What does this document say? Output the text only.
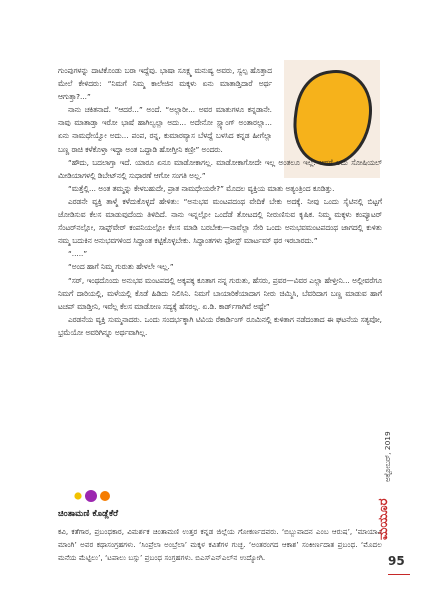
ಗುಂಪುಗಳನ್ನು ದಾಟಿಕೊಂಡು ಬರಾ ಇದ್ದೆವು. ಭಾಷಾ ಸೂಕ್ಷ್ಮ ಮನುಷ್ಯ ಅವರು, ಸ್ವಲ್ಪ ಹೊತ್ತಾದ ಮೇಲೆ ಕೇಳಿದರು: “ನಿಮಗೆ ನಿಮ್ಮ ಕಾಲೇಜಿನ ಮಕ್ಕಳು ಏನು ಮಾತಾಡ್ತಿದಾರೆ ಅರ್ಥ ಆಗುತ್ತಾ?...”

ನಾನು ಚಕಿತನಾದೆ. “ಆದರೆ...” ಅಂದೆ. “ಅಲ್ಲಾರೀ... ಅವರ ಮಾತುಗಳೂ ಕನ್ನಡಾನೇ. ನಾವು ಮಾತಾಡ್ತಾ ಇರೋ ಭಾಷೆ ಹಾಗಿಲ್ವಲ್ಲಾ ಅದು... ಅದೇನೋ ಸ್ಲ್ಯಾಂಗ್ ಅಂತಾರಲ್ಲಾ... ಏನು ನಾಮಧೇಯ್ವೋ ಅದು... ಪಂಪ, ರನ್ನ, ಕುಮಾರವ್ಯಾಸ ಬೆಳದ್ದೆ ಬಳಸಿದ ಕನ್ನಡ ಹೀಗೆಲ್ಲಾ ಬಣ್ಣ ರಾಚಿ ಕಳೆಕೊಳ್ತಾ ಇದ್ದಾ ಅಂತ ಒದ್ದಾಡಿ ಹೋಗ್ತೀನಿ ಕಣ್ರೀ” ಅಂದರು.

“ಹೌದು, ಬದಲಾಗ್ತಾ ಇದೆ. ಯಾರೂ ಏನೂ ಮಾಡೋಕಾಗಲ್ಲ. ಮಾಡೋಕಾಗೋದೇ ಇಲ್ಲ ಅಂತಲೂ ಇಲ್ಲ. ಆದರೆ ಅದು ಸೋಷಿಯಲ್ ಮೀಡಿಯಾಗಳಲ್ಲಿ ಡಿಬೇಟ್‌ನಲ್ಲಿ ಸುಧಾರಣೆ ಆಗೋ ಸಂಗತಿ ಅಲ್ಲ.”

“ಮತ್ತೆಲ್ಲಿ... ಅಂತ ತಮ್ಮನ್ನು ಕೇಳಬಹುದೇ, ಪ್ರಾತ ನಾಮಧೇಯರೇ?” ಮೊದಲ ವ್ಯಕ್ತಿಯ ಮಾತು ಅತ್ಯಂತ್ರಿಂದ ಕೂಡಿತ್ತು.

ಎರಡನೇ ವ್ಯಕ್ತಿ ತಾಳ್ಮೆ ಕಳೆದುಕೊಳ್ಳದೆ ಹೇಳಿತು: “ಅನುಭವ ಮಂಟಪದಂಥ ವೇದಿಕೆ ಬೇಕು ಅದಕ್ಕೆ. ನೀವು ಒಂದು ಸೈಟಿನಲ್ಲಿ ಬಿಟ್ಟಗೆ ಜೋಡಿಸುವ ಕೆಲಸ ಮಾಡುವುದೆಂದು ತಿಳಿದಿದೆ. ನಾನು ಇನ್ನಲ್ಲೋ ಒಂದೆಡೆ ತೋಟದಲ್ಲಿ ನೀರುಣಿಸುವ ಕೃಷಿಕ. ನಿಮ್ಮ ಮಕ್ಕಳು ಕಂಪ್ಯೂಟರ್ ಸೆಂಟರ್‌ನಲ್ಲೋ, ಸಾಫ್ಟ್‌ವೇರ್ ಕಂಪನಿಯಲ್ಲೋ ಕೆಲಸ ಮಾಡಿ ಬರಬೇಕು—ನಾವೆಲ್ಲಾ ಸೇರಿ ಒಂದು ಅನುಭವಮಂಟಪದಂಥ ಜಾಗದಲ್ಲಿ ಕುಳಿತು ನಮ್ಮ ಬದುಕಿನ ಅನುಭವಗಳಿಂದ ಸಿದ್ಧಾಂತ ಕಟ್ಟಿಕೊಳ್ಳಬೇಕು. ಸಿದ್ಧಾಂತಗಳು ಫೋಸ್ಟ್ ಮಾರ್ಟಮ್ ಥರ ಇರಬಾರದು.”

“.....”

“ಅಂದ ಹಾಗೆ ನಿಮ್ಮ ಗುರುತು ಹೇಳಲೇ ಇಲ್ಲ.”

“ಸರ್, ಇಂಥದೊಂದು ಅನುಭವ ಮಂಟಪದಲ್ಲಿ ಅಕ್ಕಪಕ್ಕ ಕೂತಾಗ ನನ್ನ ಗುರುತು, ಹೆಸರು, ಪ್ರವರ—ವಿವರ ಎಲ್ಲಾ ಹೇಳ್ತೀನಿ... ಅಲ್ಲೀವರೆಗೂ ನಿಮಗೆ ದಾರಿಯಲ್ಲಿ, ಮಳೆಯಲ್ಲಿ ಕೊಡೆ ಹಿಡಿದು ನಿಲಿಸಿನಿ. ನಿಮಗೆ ಬಾಯಾರಿಕೆಯಾದಾಗ ನೀರು ಚಿಮ್ಮಿಸಿ, ಬೆವರಿದಾಗ ಬಣ್ಣ ಮಾಡುವ ಹಾಗೆ ಟಚಪ್ ಮಾಡ್ತೀನಿ, ಇವೆಲ್ಲ ಕೆಲಸ ಮಾಡೋಣ ಸದ್ಯಕ್ಕೆ ಹೆಸರಲ್ಲ. ಏ.ಡಿ. ಕಾರ್ಡ್‌ಗಾಗಿವೆ ಅಷ್ಟೇ”

ಎರಡನೆಯ ವ್ಯಕ್ತಿ ಸುಮ್ಮನಾದರು. ಒಂದು ಸಂದರ್ಭಕ್ಕಾಗಿ ಟಿವಿಯ ರೆಕಾರ್ಡಿಂಗ್ ರೂಮಿನಲ್ಲಿ ಕುಳಿತಾಗ ನಡೆದಂತಾದ ಈ ಘಟನೆಯ ಸತ್ಯವೋ, ಭ್ರಮೆಯೋ ಅವರಿಗಿನ್ನೂ ಅರ್ಥವಾಗಿಲ್ಲ.

ಚಿಂತಾಮಣಿ ಕೊಡ್ಲೆಕೆರೆ
ಕವಿ, ಕತೆಗಾರ, ಪ್ರಬಂಧಕಾರ, ವಿಮರ್ಶಕ ಚಿಂತಾಮಣಿ ಉತ್ತರ ಕನ್ನಡ ಜಿಲ್ಲೆಯ ಗೋಕರ್ಣದವರು. ‘ಬಿಬ್ಬುವಾದನ ಎಂಬ ಆರುಷ’, ‘ಮಾಯಾವಿ ಮಾಂಗಿ’ ಅವರ ಕಥಾಸಂಗ್ರಹಗಳು. ‘ಸಿಂಪ್ರೆಲಾ ಅಂಬ್ರೆಲಾ’ ಮಕ್ಕಳ ಕವಿತೆಗಳ ಗುಚ್ಛ. ‘ಅಂತರಂಗದ ಆಕಾಶ’ ಸಂಕೀರ್ಣದಾತ ಪ್ರಬಂಧ. ‘ಮೊದಲ ಮನೆಯ ಮೆಟ್ಟಿಲು’, ‘ಟಪಾಲು ಬಸ್ಸು’ ಪ್ರಬಂಧ ಸಂಗ್ರಹಗಳು. ಬಿಎಸ್‌ಎನ್‌ಎಲ್‌ನ ಉದ್ಯೋಗಿ.
ಅಕ್ಟೋಬರ್, 2019
ಮಯೂರ
95
